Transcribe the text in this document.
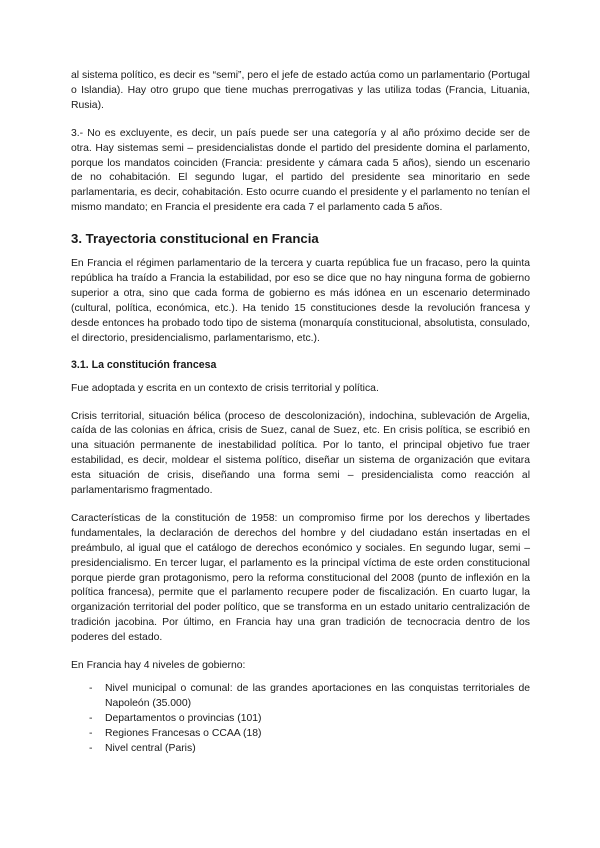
al sistema político, es decir es “semi”, pero el jefe de estado actúa como un parlamentario (Portugal o Islandia). Hay otro grupo que tiene muchas prerrogativas y las utiliza todas (Francia, Lituania, Rusia).

3.- No es excluyente, es decir, un país puede ser una categoría y al año próximo decide ser de otra. Hay sistemas semi – presidencialistas donde el partido del presidente domina el parlamento, porque los mandatos coinciden (Francia: presidente y cámara cada 5 años), siendo un escenario de no cohabitación. El segundo lugar, el partido del presidente sea minoritario en sede parlamentaria, es decir, cohabitación. Esto ocurre cuando el presidente y el parlamento no tenían el mismo mandato; en Francia el presidente era cada 7 el parlamento cada 5 años.

3. Trayectoria constitucional en Francia

En Francia el régimen parlamentario de la tercera y cuarta república fue un fracaso, pero la quinta república ha traído a Francia la estabilidad, por eso se dice que no hay ninguna forma de gobierno superior a otra, sino que cada forma de gobierno es más idónea en un escenario determinado (cultural, política, económica, etc.). Ha tenido 15 constituciones desde la revolución francesa y desde entonces ha probado todo tipo de sistema (monarquía constitucional, absolutista, consulado, el directorio, presidencialismo, parlamentarismo, etc.).

3.1. La constitución francesa

Fue adoptada y escrita en un contexto de crisis territorial y política.

Crisis territorial, situación bélica (proceso de descolonización), indochina, sublevación de Argelia, caída de las colonias en áfrica, crisis de Suez, canal de Suez, etc. En crisis política, se escribió en una situación permanente de inestabilidad política. Por lo tanto, el principal objetivo fue traer estabilidad, es decir, moldear el sistema político, diseñar un sistema de organización que evitara esta situación de crisis, diseñando una forma semi – presidencialista como reacción al parlamentarismo fragmentado.

Características de la constitución de 1958: un compromiso firme por los derechos y libertades fundamentales, la declaración de derechos del hombre y del ciudadano están insertadas en el preámbulo, al igual que el catálogo de derechos económico y sociales. En segundo lugar, semi – presidencialismo. En tercer lugar, el parlamento es la principal víctima de este orden constitucional porque pierde gran protagonismo, pero la reforma constitucional del 2008 (punto de inflexión en la política francesa), permite que el parlamento recupere poder de fiscalización. En cuarto lugar, la organización territorial del poder político, que se transforma en un estado unitario centralización de tradición jacobina. Por último, en Francia hay una gran tradición de tecnocracia dentro de los poderes del estado.

En Francia hay 4 niveles de gobierno:

-	Nivel municipal o comunal: de las grandes aportaciones en las conquistas territoriales de Napoleón (35.000)
-	Departamentos o provincias (101)
-	Regiones Francesas o CCAA (18)
-	Nivel central (Paris)
